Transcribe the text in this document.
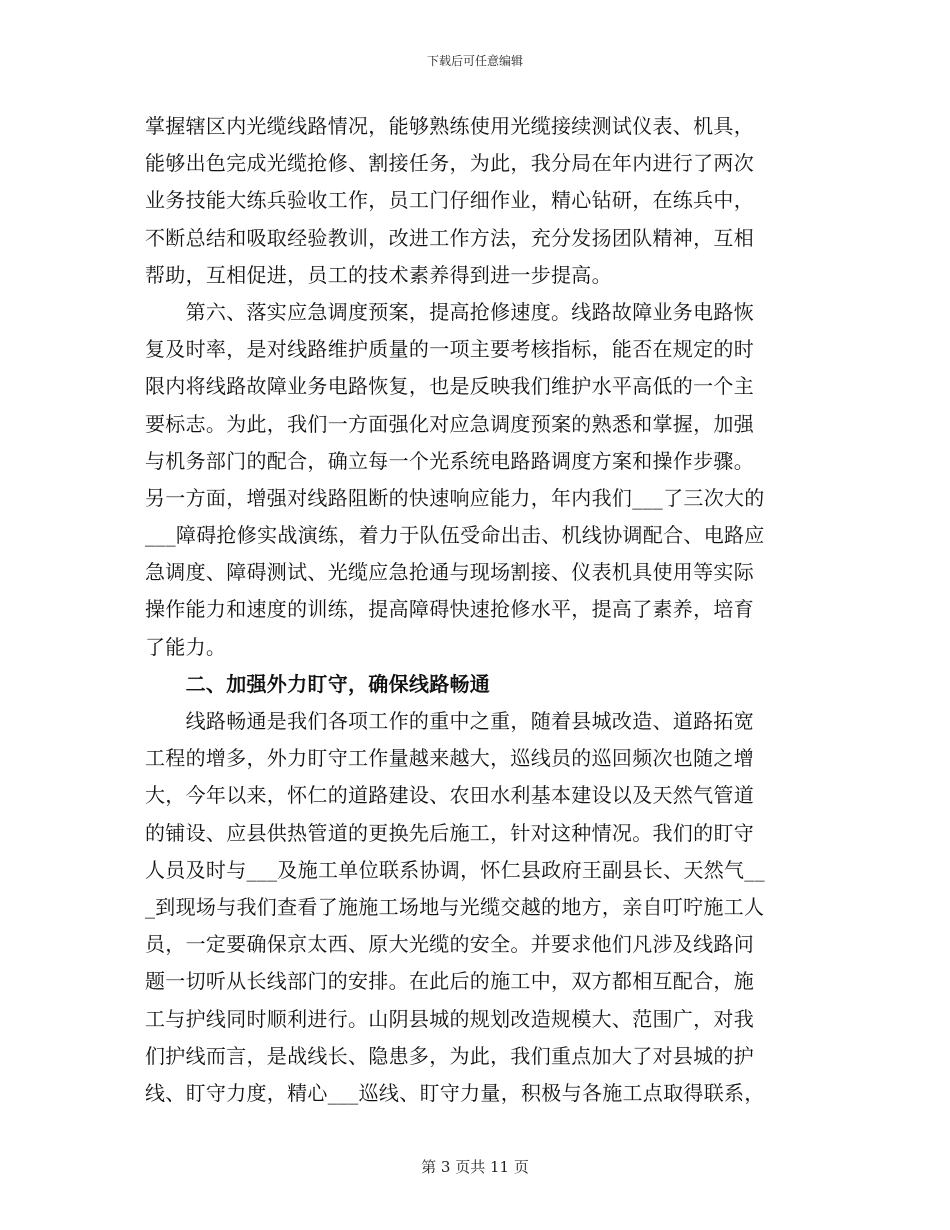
下载后可任意编辑
掌握辖区内光缆线路情况，能够熟练使用光缆接续测试仪表、机具，
能够出色完成光缆抢修、割接任务，为此，我分局在年内进行了两次
业务技能大练兵验收工作，员工门仔细作业，精心钻研，在练兵中，
不断总结和吸取经验教训，改进工作方法，充分发扬团队精神，互相
帮助，互相促进，员工的技术素养得到进一步提高。
　　第六、落实应急调度预案，提高抢修速度。线路故障业务电路恢
复及时率，是对线路维护质量的一项主要考核指标，能否在规定的时
限内将线路故障业务电路恢复，也是反映我们维护水平高低的一个主
要标志。为此，我们一方面强化对应急调度预案的熟悉和掌握，加强
与机务部门的配合，确立每一个光系统电路路调度方案和操作步骤。
另一方面，增强对线路阻断的快速响应能力，年内我们___了三次大的
___障碍抢修实战演练，着力于队伍受命出击、机线协调配合、电路应
急调度、障碍测试、光缆应急抢通与现场割接、仪表机具使用等实际
操作能力和速度的训练，提高障碍快速抢修水平，提高了素养，培育
了能力。
　　二、加强外力盯守，确保线路畅通
　　线路畅通是我们各项工作的重中之重，随着县城改造、道路拓宽
工程的增多，外力盯守工作量越来越大，巡线员的巡回频次也随之增
大，今年以来，怀仁的道路建设、农田水利基本建设以及天然气管道
的铺设、应县供热管道的更换先后施工，针对这种情况。我们的盯守
人员及时与___及施工单位联系协调，怀仁县政府王副县长、天然气__
_到现场与我们查看了施施工场地与光缆交越的地方，亲自叮咛施工人
员，一定要确保京太西、原大光缆的安全。并要求他们凡涉及线路问
题一切听从长线部门的安排。在此后的施工中，双方都相互配合，施
工与护线同时顺利进行。山阴县城的规划改造规模大、范围广，对我
们护线而言，是战线长、隐患多，为此，我们重点加大了对县城的护
线、盯守力度，精心___巡线、盯守力量，积极与各施工点取得联系，
第 3 页共 11 页
